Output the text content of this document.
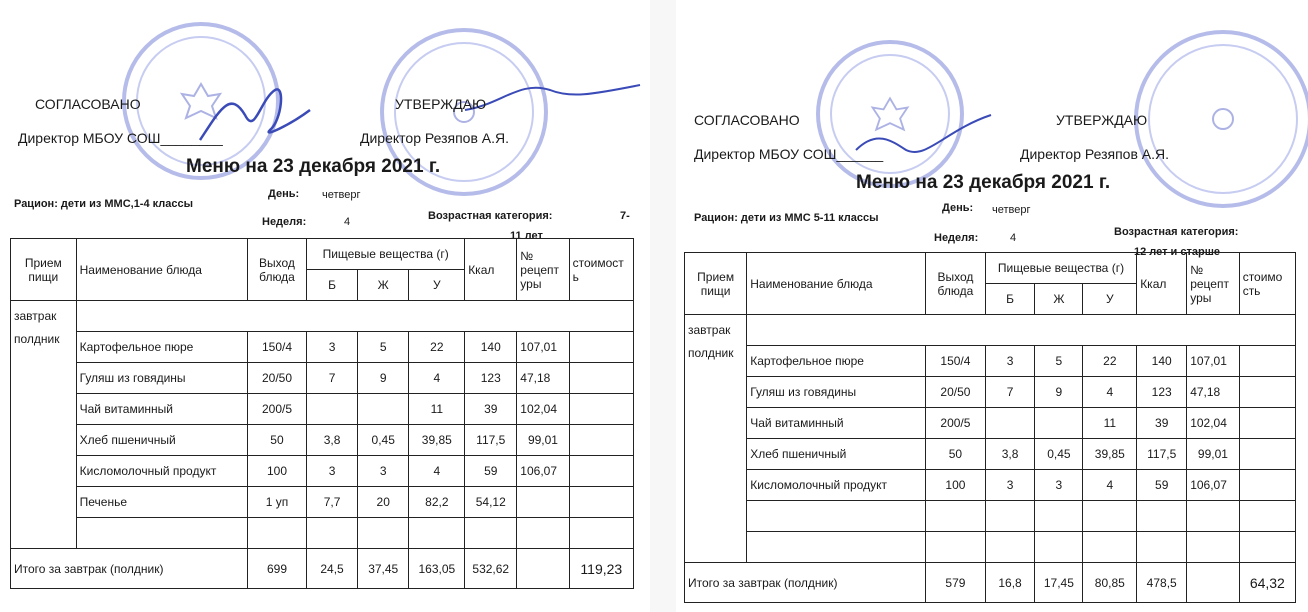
СОГЛАСОВАНО	УТВЕРЖДАЮ
Директор МБОУ СОШ________	Директор Резяпов А.Я.
Меню на 23 декабря 2021 г.
Рацион: дети из ММС,1-4 классы
День: четверг
Неделя:	4	Возрастная категория:	7-
11 лет
Прием пищи	Наименование блюда	Выход блюда	Пищевые вещества (г)			Ккал	№ рецепт уры	стоимост ь
			Б	Ж	У			
завтрак								
полдник	Картофельное пюре	150/4	3	5	22	140	107,01	
	Гуляш из говядины	20/50	7	9	4	123	47,18	
	Чай витаминный	200/5			11	39	102,04	
	Хлеб пшеничный	50	3,8	0,45	39,85	117,5	99,01	
	Кисломолочный продукт	100	3	3	4	59	106,07	
	Печенье	1 уп	7,7	20	82,2	54,12		

Итого за завтрак (полдник)		699	24,5	37,45	163,05	532,62		119,23
СОГЛАСОВАНО	УТВЕРЖДАЮ
Директор МБОУ СОШ______	Директор Резяпов А.Я.
Меню на 23 декабря 2021 г.
Рацион: дети из ММС 5-11 классы
День: четверг
Неделя:	4	Возрастная категория:
12 лет и старше
Прием пищи	Наименование блюда	Выход блюда	Пищевые вещества (г)			Ккал	№ рецепт уры	стоимо сть
			Б	Ж	У			
завтрак								
полдник	Картофельное пюре	150/4	3	5	22	140	107,01	
	Гуляш из говядины	20/50	7	9	4	123	47,18	
	Чай витаминный	200/5			11	39	102,04	
	Хлеб пшеничный	50	3,8	0,45	39,85	117,5	99,01	
	Кисломолочный продукт	100	3	3	4	59	106,07	

Итого за завтрак (полдник)		579	16,8	17,45	80,85	478,5		64,32
